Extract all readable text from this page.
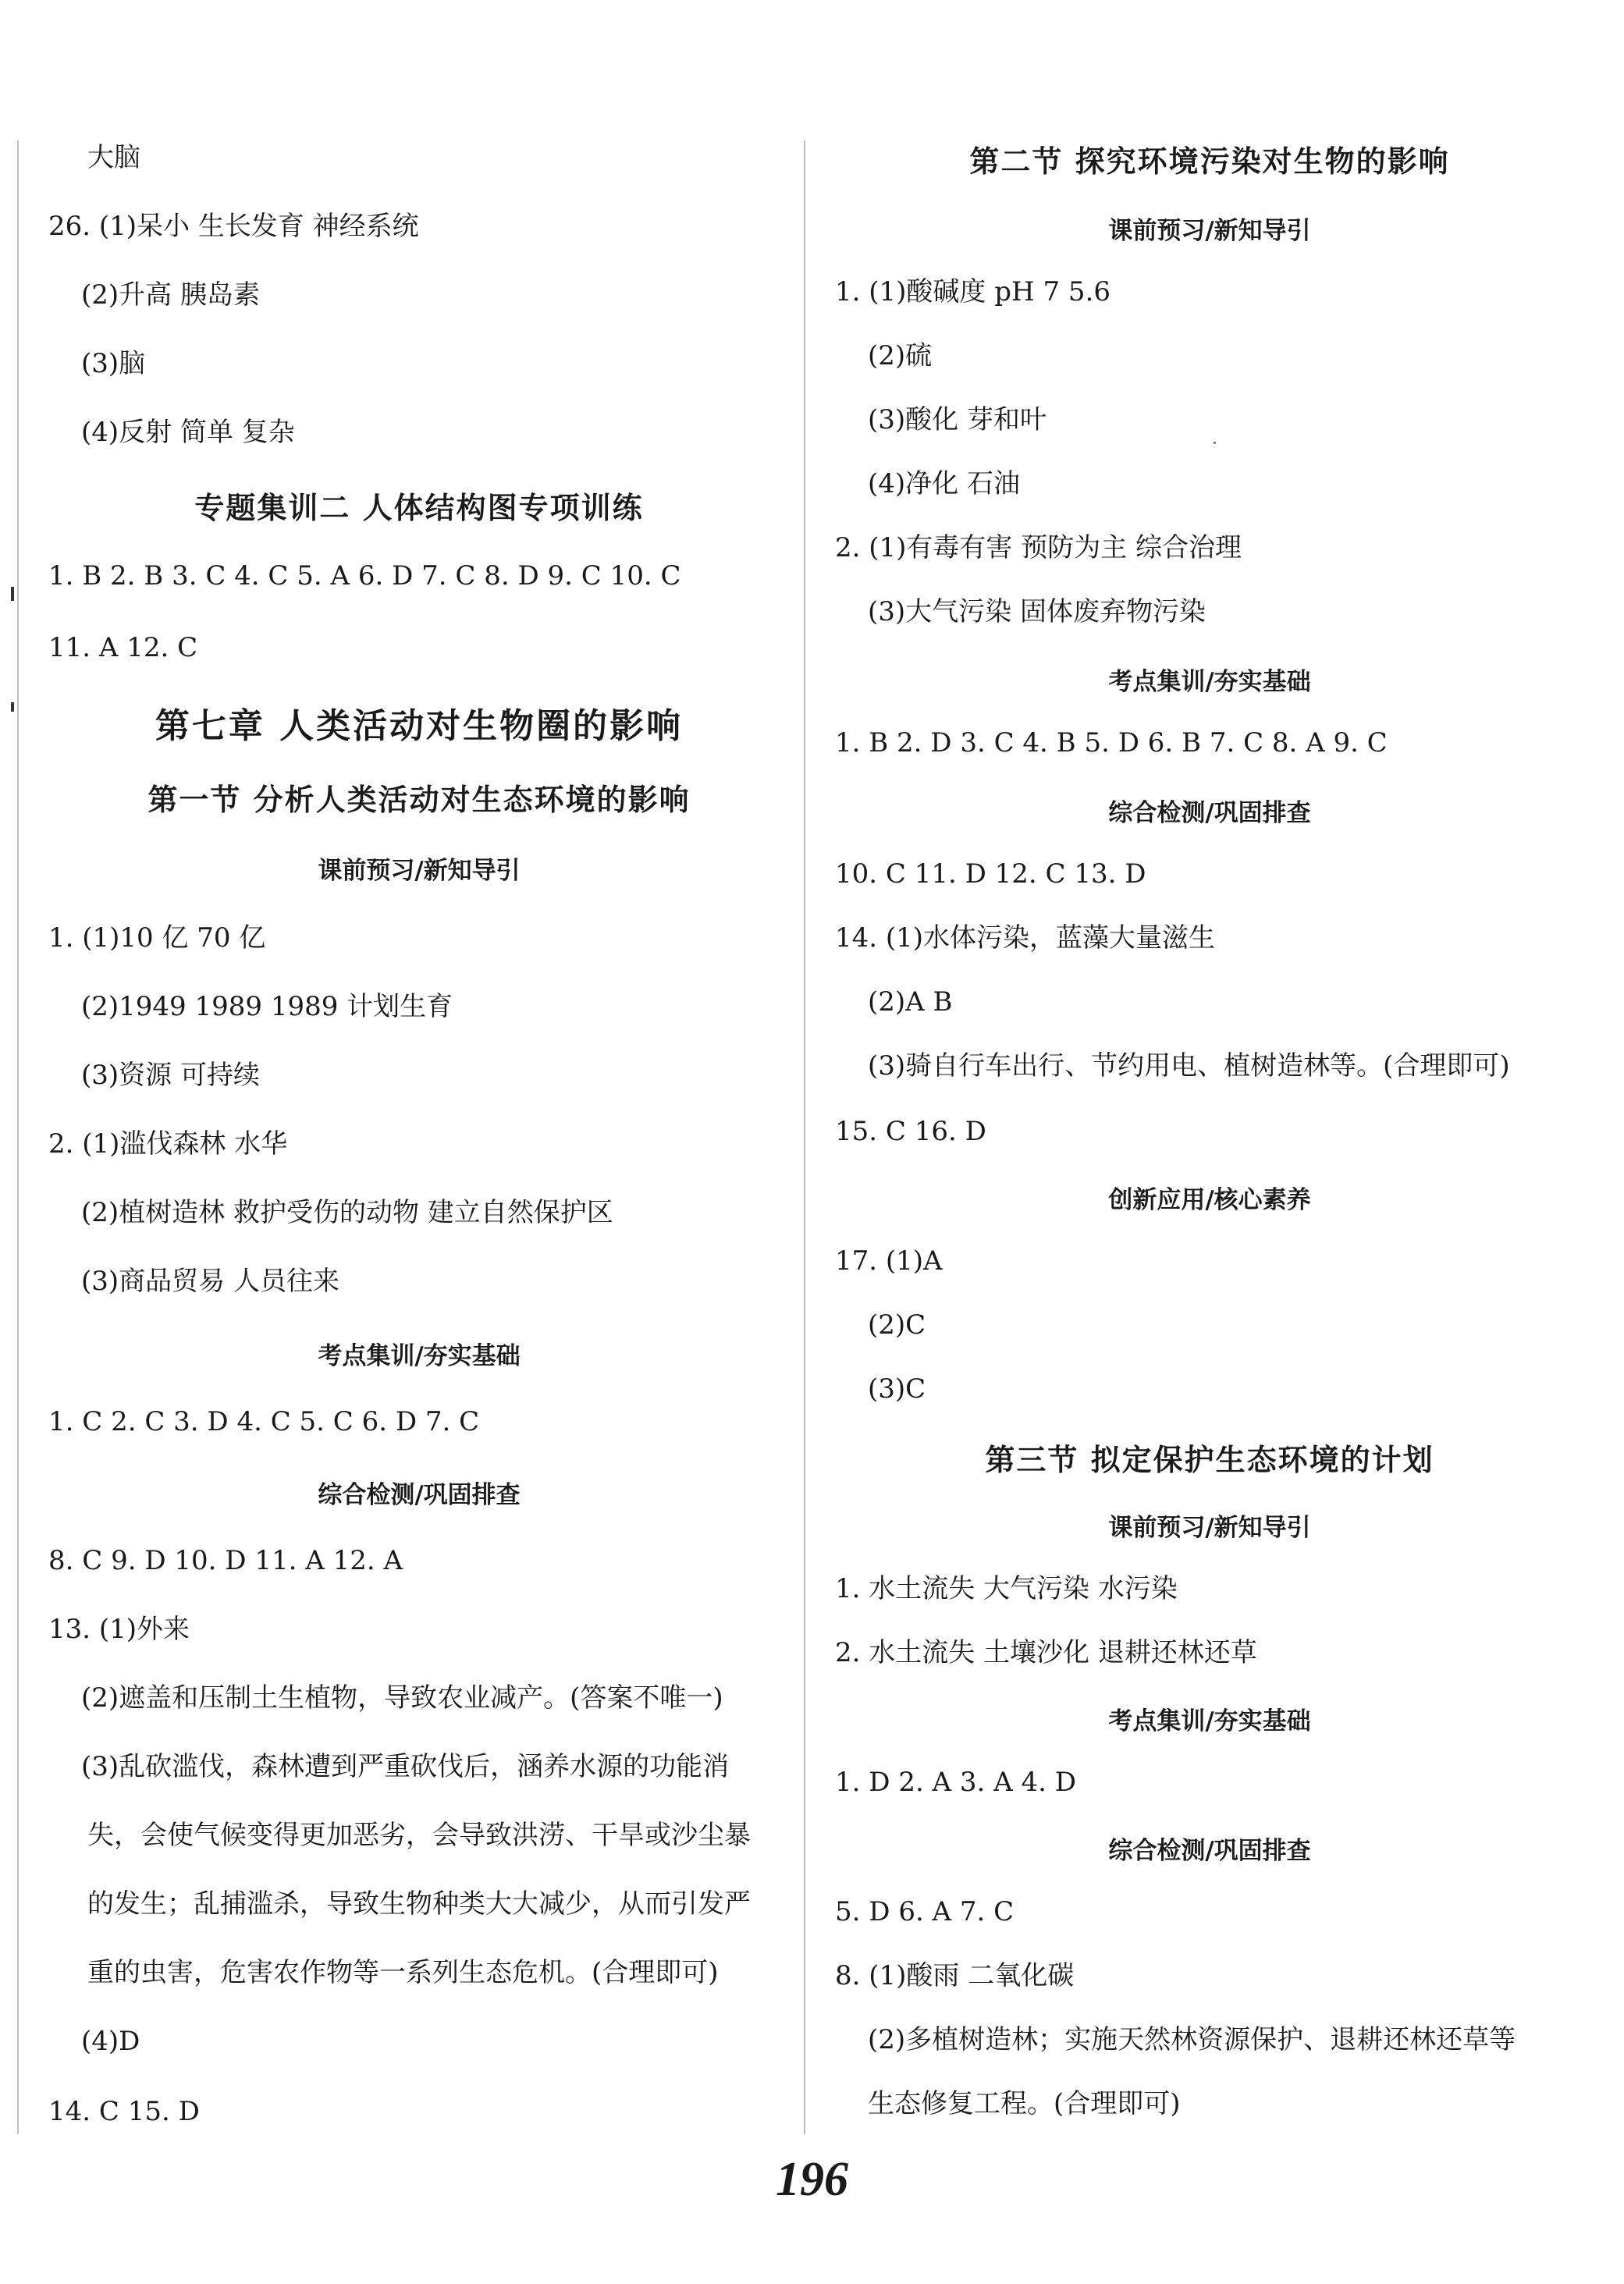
大脑
26. (1)呆小 生长发育 神经系统
(2)升高 胰岛素
(3)脑
(4)反射 简单 复杂
专题集训二 人体结构图专项训练
1. B 2. B 3. C 4. C 5. A 6. D 7. C 8. D 9. C 10. C
11. A 12. C
第七章 人类活动对生物圈的影响
第一节 分析人类活动对生态环境的影响
课前预习/新知导引
1. (1)10 亿 70 亿
(2)1949 1989 1989 计划生育
(3)资源 可持续
2. (1)滥伐森林 水华
(2)植树造林 救护受伤的动物 建立自然保护区
(3)商品贸易 人员往来
考点集训/夯实基础
1. C 2. C 3. D 4. C 5. C 6. D 7. C
综合检测/巩固排查
8. C 9. D 10. D 11. A 12. A
13. (1)外来
(2)遮盖和压制土生植物，导致农业减产。(答案不唯一)
(3)乱砍滥伐，森林遭到严重砍伐后，涵养水源的功能消
失，会使气候变得更加恶劣，会导致洪涝、干旱或沙尘暴
的发生；乱捕滥杀，导致生物种类大大减少，从而引发严
重的虫害，危害农作物等一系列生态危机。(合理即可)
(4)D
14. C 15. D
第二节 探究环境污染对生物的影响
课前预习/新知导引
1. (1)酸碱度 pH 7 5.6
(2)硫
(3)酸化 芽和叶
(4)净化 石油
2. (1)有毒有害 预防为主 综合治理
(3)大气污染 固体废弃物污染
考点集训/夯实基础
1. B 2. D 3. C 4. B 5. D 6. B 7. C 8. A 9. C
综合检测/巩固排查
10. C 11. D 12. C 13. D
14. (1)水体污染，蓝藻大量滋生
(2)A B
(3)骑自行车出行、节约用电、植树造林等。(合理即可)
15. C 16. D
创新应用/核心素养
17. (1)A
(2)C
(3)C
第三节 拟定保护生态环境的计划
课前预习/新知导引
1. 水土流失 大气污染 水污染
2. 水土流失 土壤沙化 退耕还林还草
考点集训/夯实基础
1. D 2. A 3. A 4. D
综合检测/巩固排查
5. D 6. A 7. C
8. (1)酸雨 二氧化碳
(2)多植树造林；实施天然林资源保护、退耕还林还草等
生态修复工程。(合理即可)
196
